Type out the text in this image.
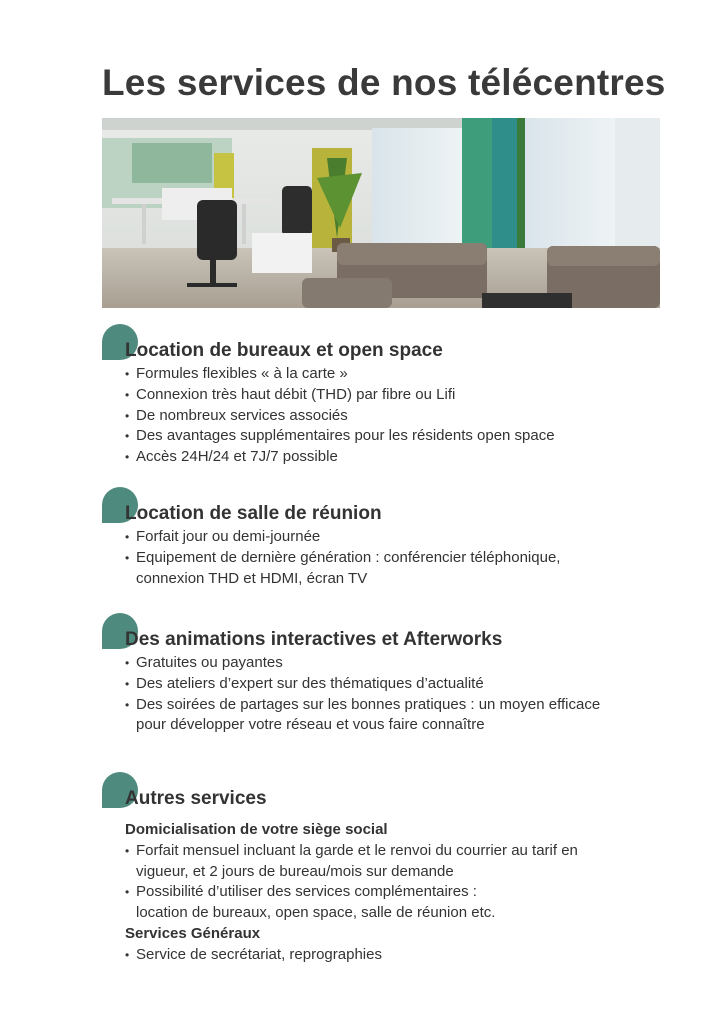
Les services de nos télécentres
Location de bureaux et open space
• Formules flexibles « à la carte »
• Connexion très haut débit (THD) par fibre ou Lifi
• De nombreux services associés
• Des avantages supplémentaires pour les résidents open space
• Accès 24H/24 et 7J/7 possible
Location de salle de réunion
• Forfait jour ou demi-journée
• Equipement de dernière génération : conférencier téléphonique,
connexion THD et HDMI, écran TV
Des animations interactives et Afterworks
• Gratuites ou payantes
• Des ateliers d’expert sur des thématiques d’actualité
• Des soirées de partages sur les bonnes pratiques : un moyen efficace
pour développer votre réseau et vous faire connaître
Autres services
Domicialisation de votre siège social
• Forfait mensuel incluant la garde et le renvoi du courrier au tarif en
vigueur, et 2 jours de bureau/mois sur demande
• Possibilité d’utiliser des services complémentaires :
location de bureaux, open space, salle de réunion etc.
Services Généraux
• Service de secrétariat, reprographies
